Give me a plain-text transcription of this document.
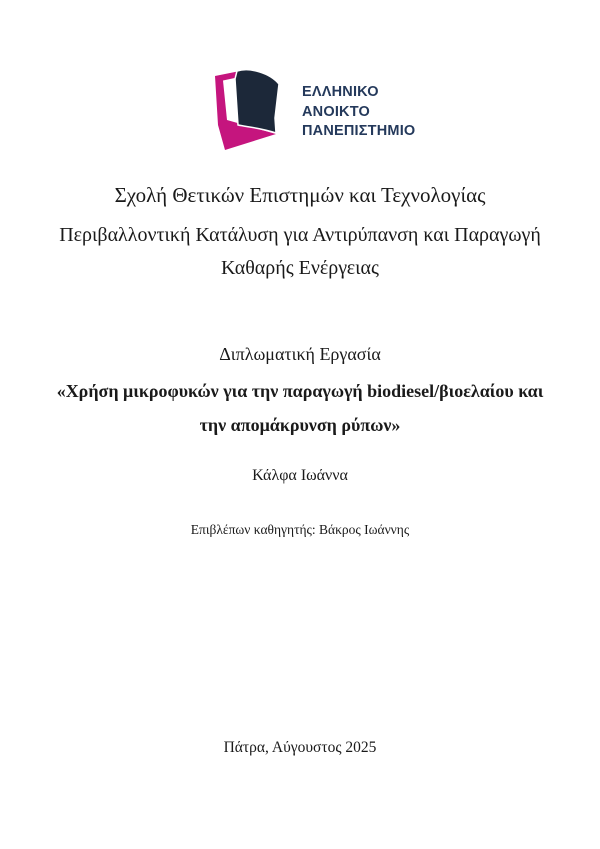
ΕΛΛΗΝΙΚΟ
ΑΝΟΙΚΤΟ
ΠΑΝΕΠΙΣΤΗΜΙΟ

Σχολή Θετικών Επιστημών και Τεχνολογίας

Περιβαλλοντική Κατάλυση για Αντιρύπανση και Παραγωγή
Καθαρής Ενέργειας

Διπλωματική Εργασία

«Χρήση μικροφυκών για την παραγωγή biodiesel/βιοελαίου και
την απομάκρυνση ρύπων»

Κάλφα Ιωάννα

Επιβλέπων καθηγητής: Βάκρος Ιωάννης

Πάτρα, Αύγουστος 2025
